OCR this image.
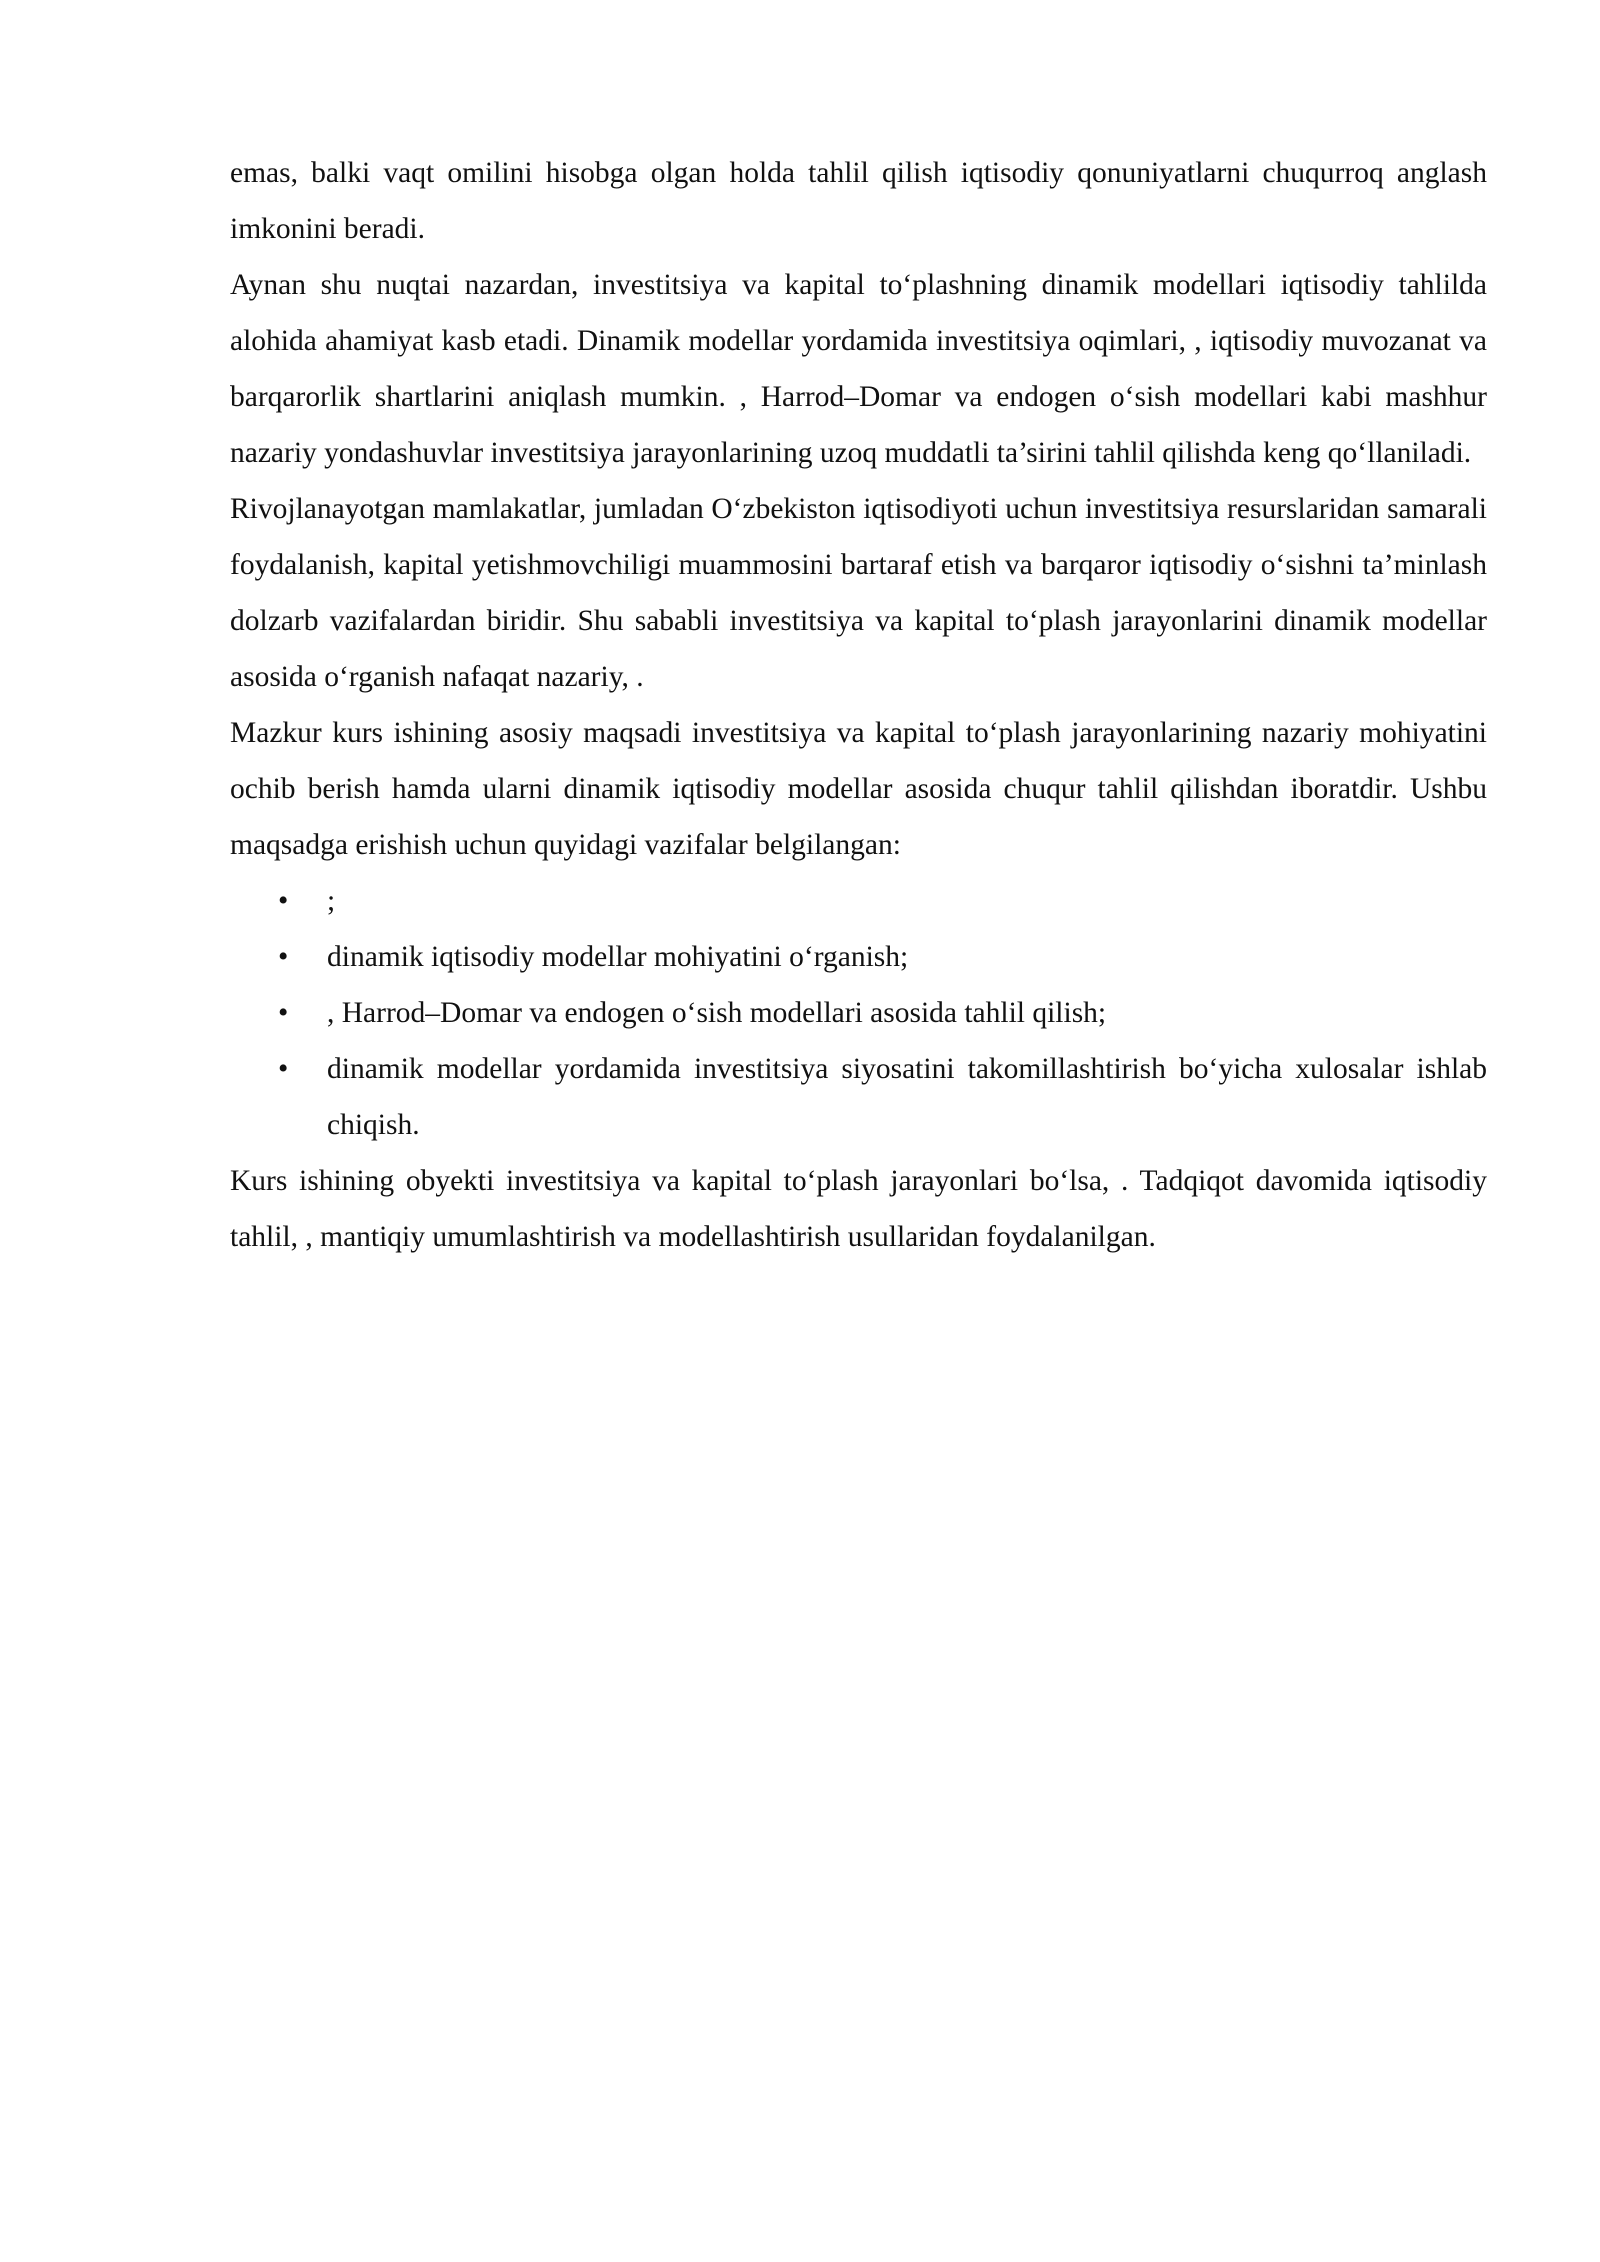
emas, balki vaqt omilini hisobga olgan holda tahlil qilish iqtisodiy qonuniyatlarni chuqurroq anglash imkonini beradi.

Aynan shu nuqtai nazardan, investitsiya va kapital to‘plashning dinamik modellari iqtisodiy tahlilda alohida ahamiyat kasb etadi. Dinamik modellar yordamida investitsiya oqimlari, , iqtisodiy muvozanat va barqarorlik shartlarini aniqlash mumkin. , Harrod–Domar va endogen o‘sish modellari kabi mashhur nazariy yondashuvlar investitsiya jarayonlarining uzoq muddatli ta’sirini tahlil qilishda keng qo‘llaniladi.

Rivojlanayotgan mamlakatlar, jumladan O‘zbekiston iqtisodiyoti uchun investitsiya resurslaridan samarali foydalanish, kapital yetishmovchiligi muammosini bartaraf etish va barqaror iqtisodiy o‘sishni ta’minlash dolzarb vazifalardan biridir. Shu sababli investitsiya va kapital to‘plash jarayonlarini dinamik modellar asosida o‘rganish nafaqat nazariy, .

Mazkur kurs ishining asosiy maqsadi investitsiya va kapital to‘plash jarayonlarining nazariy mohiyatini ochib berish hamda ularni dinamik iqtisodiy modellar asosida chuqur tahlil qilishdan iboratdir. Ushbu maqsadga erishish uchun quyidagi vazifalar belgilangan:

• ;
• dinamik iqtisodiy modellar mohiyatini o‘rganish;
• , Harrod–Domar va endogen o‘sish modellari asosida tahlil qilish;
• dinamik modellar yordamida investitsiya siyosatini takomillashtirish bo‘yicha xulosalar ishlab chiqish.

Kurs ishining obyekti investitsiya va kapital to‘plash jarayonlari bo‘lsa, . Tadqiqot davomida iqtisodiy tahlil, , mantiqiy umumlashtirish va modellashtirish usullaridan foydalanilgan.
